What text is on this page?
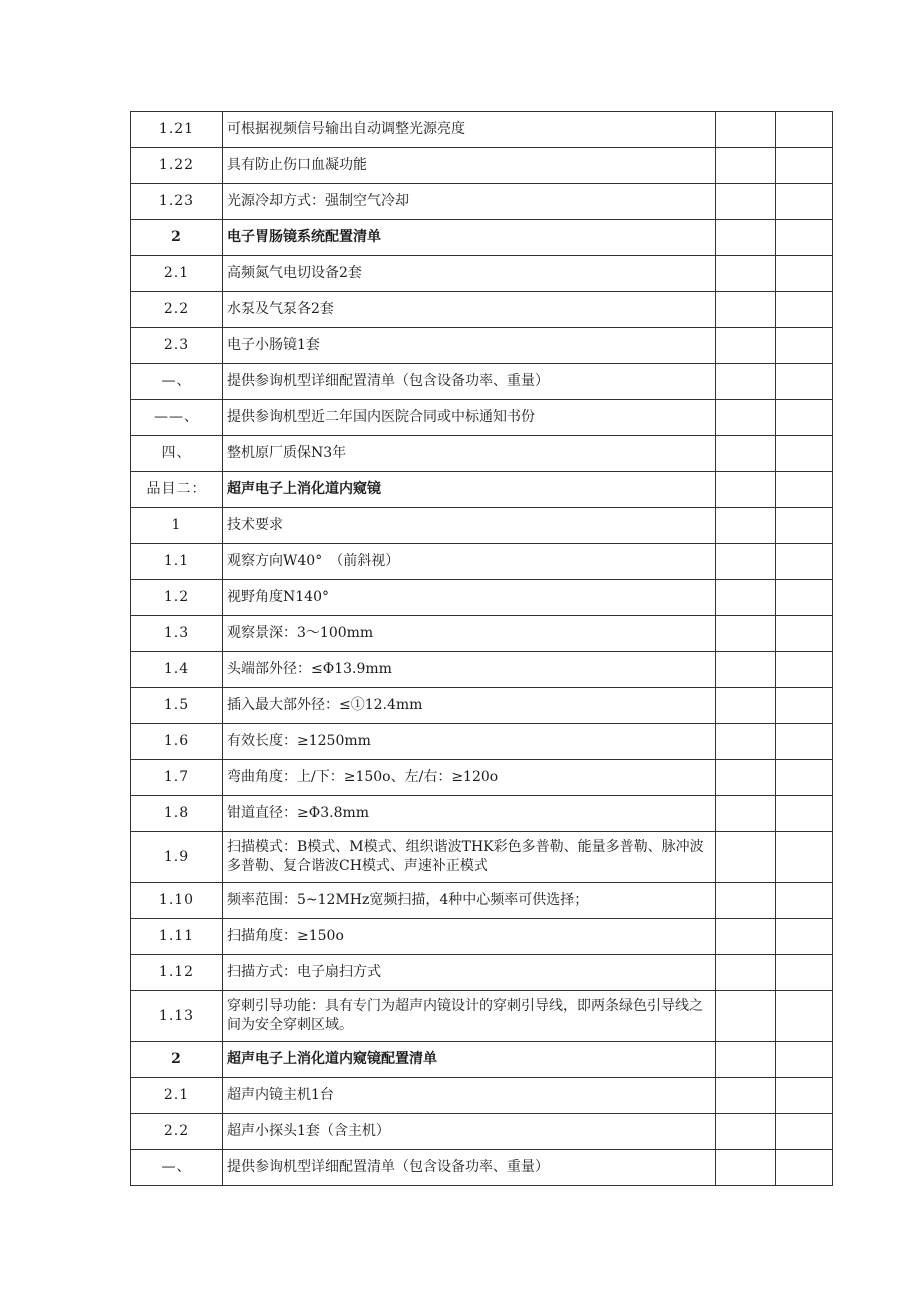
1.21	可根据视频信号输出自动调整光源亮度		
1.22	具有防止伤口血凝功能		
1.23	光源冷却方式：强制空气冷却		
2	电子胃肠镜系统配置清单		
2.1	高频氮气电切设备2套		
2.2	水泵及气泵各2套		
2.3	电子小肠镜1套		
—、	提供参询机型详细配置清单（包含设备功率、重量）		
——、	提供参询机型近二年国内医院合同或中标通知书份		
四、	整机原厂质保N3年		
品目二：	超声电子上消化道内窥镜		
1	技术要求		
1.1	观察方向W40°　（前斜视）		
1.2	视野角度N140°		
1.3	观察景深：3～100mm		
1.4	头端部外径：≤Φ13.9mm		
1.5	插入最大部外径：≤①12.4mm		
1.6	有效长度：≥1250mm		
1.7	弯曲角度：上/下：≥150o、左/右：≥120o		
1.8	钳道直径：≥Φ3.8mm		
1.9	扫描模式：B模式、M模式、组织谐波THK彩色多普勒、能量多普勒、脉冲波多普勒、复合谐波CH模式、声速补正模式		
1.10	频率范围：5~12MHz宽频扫描，4种中心频率可供选择；		
1.11	扫描角度：≥150o		
1.12	扫描方式：电子扇扫方式		
1.13	穿刺引导功能：具有专门为超声内镜设计的穿刺引导线，即两条绿色引导线之间为安全穿刺区域。		
2	超声电子上消化道内窥镜配置清单		
2.1	超声内镜主机1台		
2.2	超声小探头1套（含主机）		
—、	提供参询机型详细配置清单（包含设备功率、重量）		
